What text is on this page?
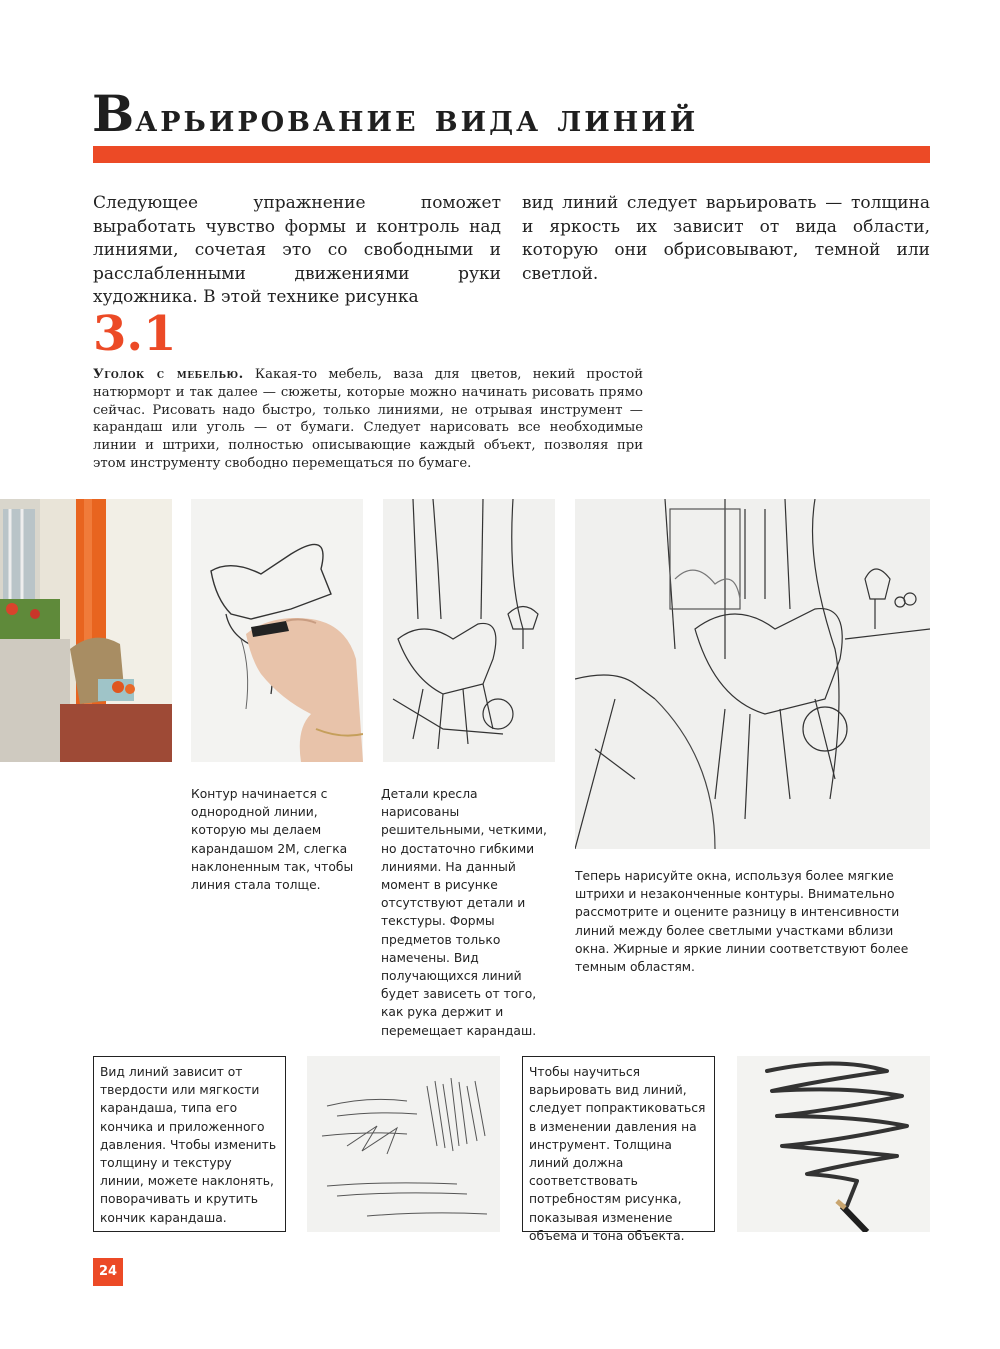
Варьирование вида линий
Следующее упражнение поможет выработать чувство формы и контроль над линиями, сочетая это со свободными и расслабленными движениями руки художника. В этой технике рисунка
вид линий следует варьировать — толщина и яркость их зависит от вида области, которую они обрисовывают, темной или светлой.
3.1
Уголок с мебелью. Какая-то мебель, ваза для цветов, некий простой натюрморт и так далее — сюжеты, которые можно начинать рисовать прямо сейчас. Рисовать надо быстро, только линиями, не отрывая инструмент — карандаш или уголь — от бумаги. Следует нарисовать все необходимые линии и штрихи, полностью описывающие каждый объект, позволяя при этом инструменту свободно перемещаться по бумаге.
Контур начинается с однородной линии, которую мы делаем карандашом 2М, слегка наклоненным так, чтобы линия стала толще.
Детали кресла нарисованы решительными, четкими, но достаточно гибкими линиями. На данный момент в рисунке отсутствуют детали и текстуры. Формы предметов только намечены. Вид получающихся линий будет зависеть от того, как рука держит и перемещает карандаш.
Теперь нарисуйте окна, используя более мягкие штрихи и незаконченные контуры. Внимательно рассмотрите и оцените разницу в интенсивности линий между более светлыми участками вблизи окна. Жирные и яркие линии соответствуют более темным областям.
Вид линий зависит от твердости или мягкости карандаша, типа его кончика и приложенного давления. Чтобы изменить толщину и текстуру линии, можете наклонять, поворачивать и крутить кончик карандаша.
Чтобы научиться варьировать вид линий, следует попрактиковаться в изменении давления на инструмент. Толщина линий должна соответствовать потребностям рисунка, показывая изменение объема и тона объекта.
24
